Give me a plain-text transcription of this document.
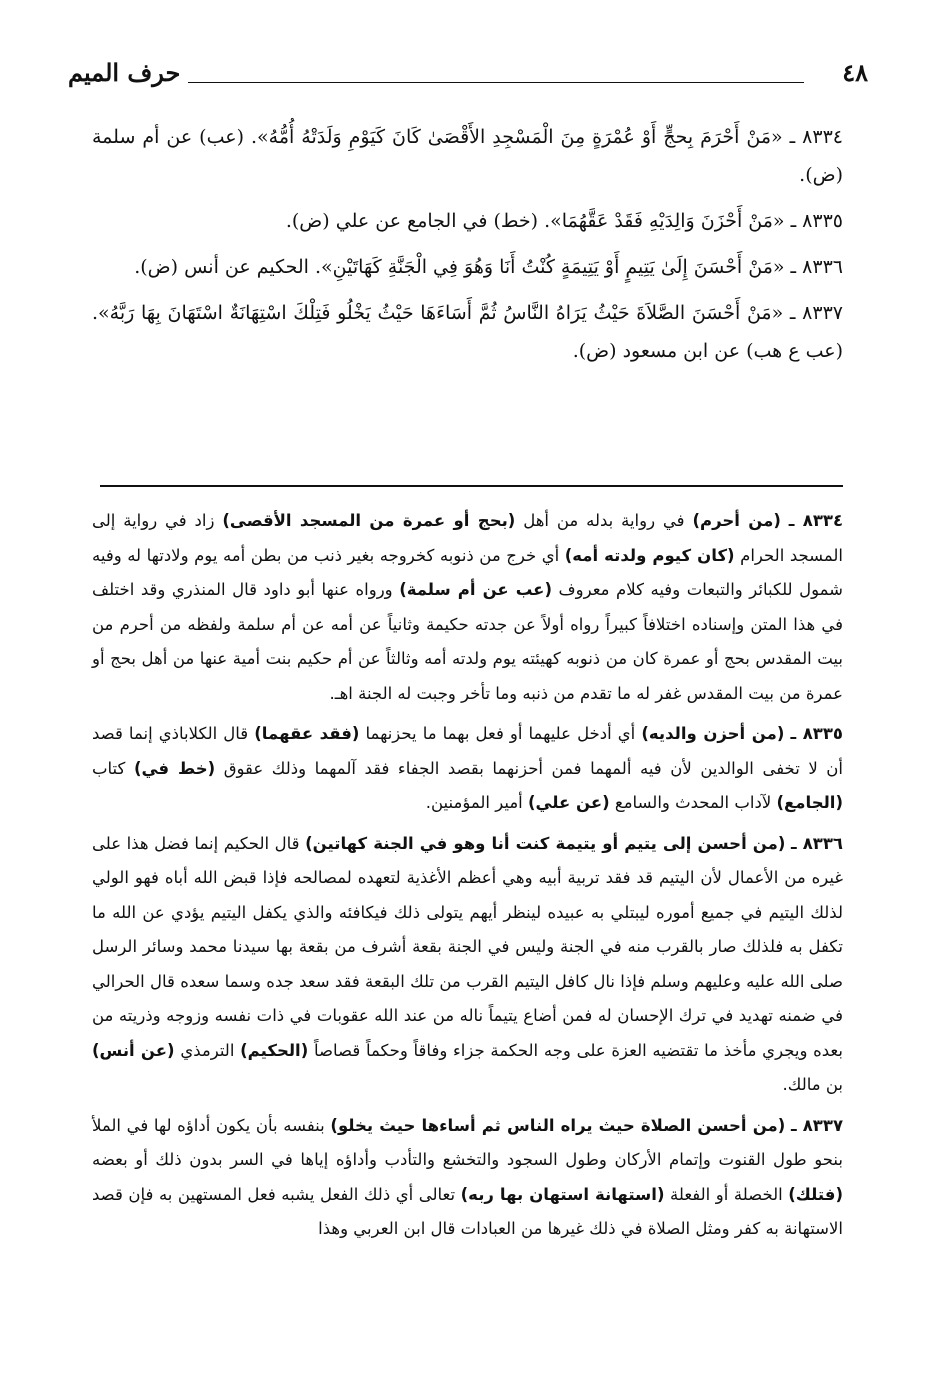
٤٨
حرف الميم

٨٣٣٤ ـ «مَنْ أَحْرَمَ بِحجٍّ أَوْ عُمْرَةٍ مِنَ الْمَسْجِدِ الأَقْصَىٰ كَانَ كَيَوْمِ وَلَدَتْهُ أُمُّهُ». (عب) عن أم سلمة (ض).

٨٣٣٥ ـ «مَنْ أَحْزَنَ وَالِدَيْهِ فَقَدْ عَقَّهُمَا». (خط) في الجامع عن علي (ض).

٨٣٣٦ ـ «مَنْ أَحْسَنَ إِلَىٰ يَتِيمٍ أَوْ يَتِيمَةٍ كُنْتُ أَنَا وَهُوَ فِي الْجَنَّةِ كَهَاتَيْنِ». الحكيم عن أنس (ض).

٨٣٣٧ ـ «مَنْ أَحْسَنَ الصَّلاَةَ حَيْثُ يَرَاهُ النَّاسُ ثُمَّ أَسَاءَهَا حَيْثُ يَخْلُو فَتِلْكَ اسْتِهَانَةٌ اسْتَهَانَ بِهَا رَبَّهُ». (عب ع هب) عن ابن مسعود (ض).

٨٣٣٤ ـ (من أحرم) في رواية بدله من أهل (بحج أو عمرة من المسجد الأقصى) زاد في رواية إلى المسجد الحرام (كان كيوم ولدته أمه) أي خرج من ذنوبه كخروجه بغير ذنب من بطن أمه يوم ولادتها له وفيه شمول للكبائر والتبعات وفيه كلام معروف (عب عن أم سلمة) ورواه عنها أبو داود قال المنذري وقد اختلف في هذا المتن وإسناده اختلافاً كبيراً رواه أولاً عن جدته حكيمة وثانياً عن أمه عن أم سلمة ولفظه من أحرم من بيت المقدس بحج أو عمرة كان من ذنوبه كهيئته يوم ولدته أمه وثالثاً عن أم حكيم بنت أمية عنها من أهل بحج أو عمرة من بيت المقدس غفر له ما تقدم من ذنبه وما تأخر وجبت له الجنة اهـ.

٨٣٣٥ ـ (من أحزن والديه) أي أدخل عليهما أو فعل بهما ما يحزنهما (فقد عقهما) قال الكلاباذي إنما قصد أن لا تخفى الوالدين لأن فيه ألمهما فمن أحزنهما بقصد الجفاء فقد آلمهما وذلك عقوق (خط في) كتاب (الجامع) لآداب المحدث والسامع (عن علي) أمير المؤمنين.

٨٣٣٦ ـ (من أحسن إلى يتيم أو يتيمة كنت أنا وهو في الجنة كهاتين) قال الحكيم إنما فضل هذا على غيره من الأعمال لأن اليتيم قد فقد تربية أبيه وهي أعظم الأغذية لتعهده لمصالحه فإذا قبض الله أباه فهو الولي لذلك اليتيم في جميع أموره ليبتلي به عبيده لينظر أيهم يتولى ذلك فيكافئه والذي يكفل اليتيم يؤدي عن الله ما تكفل به فلذلك صار بالقرب منه في الجنة وليس في الجنة بقعة أشرف من بقعة بها سيدنا محمد وسائر الرسل صلى الله عليه وعليهم وسلم فإذا نال كافل اليتيم القرب من تلك البقعة فقد سعد جده وسما سعده قال الحرالي في ضمنه تهديد في ترك الإحسان له فمن أضاع يتيماً ناله من عند الله عقوبات في ذات نفسه وزوجه وذريته من بعده ويجري مأخذ ما تقتضيه العزة على وجه الحكمة جزاء وفاقاً وحكماً قصاصاً (الحكيم) الترمذي (عن أنس) بن مالك.

٨٣٣٧ ـ (من أحسن الصلاة حيث يراه الناس ثم أساءها حيث يخلو) بنفسه بأن يكون أداؤه لها في الملأ بنحو طول القنوت وإتمام الأركان وطول السجود والتخشع والتأدب وأداؤه إياها في السر بدون ذلك أو بعضه (فتلك) الخصلة أو الفعلة (استهانة استهان بها ربه) تعالى أي ذلك الفعل يشبه فعل المستهين به فإن قصد الاستهانة به كفر ومثل الصلاة في ذلك غيرها من العبادات قال ابن العربي وهذا
